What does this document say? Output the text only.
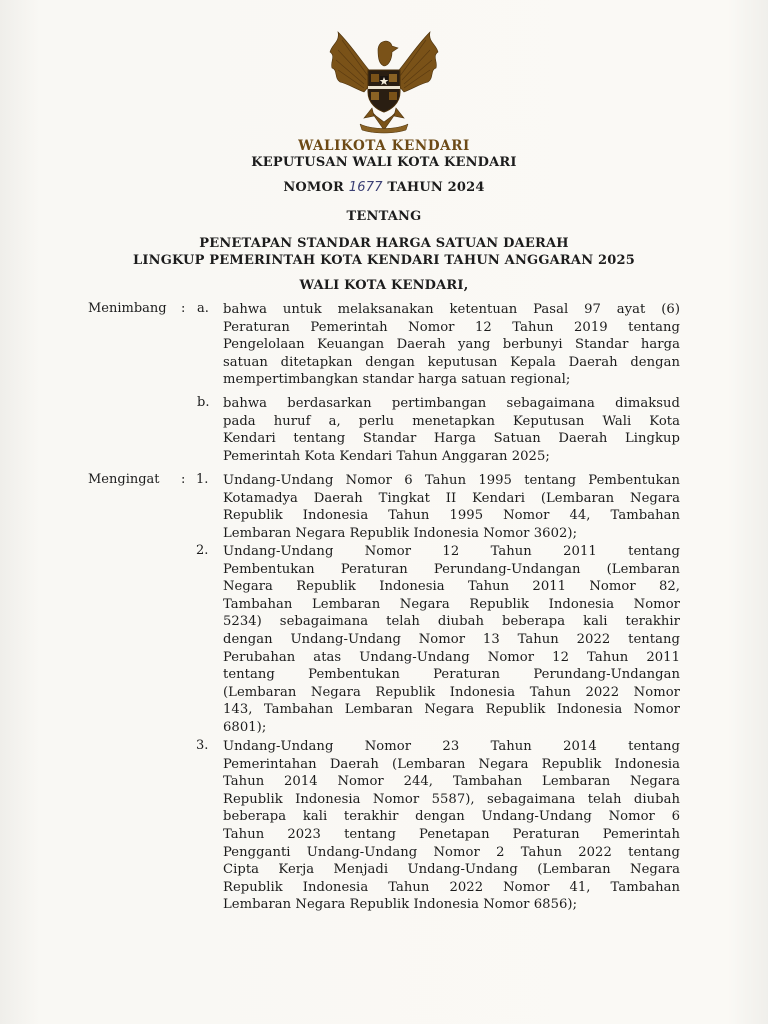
WALIKOTA KENDARI
KEPUTUSAN WALI KOTA KENDARI
NOMOR 1677 TAHUN 2024
TENTANG
PENETAPAN STANDAR HARGA SATUAN DAERAH
LINGKUP PEMERINTAH KOTA KENDARI TAHUN ANGGARAN 2025
WALI KOTA KENDARI,
Menimbang : a. bahwa untuk melaksanakan ketentuan Pasal 97 ayat (6)
Peraturan Pemerintah Nomor 12 Tahun 2019 tentang
Pengelolaan Keuangan Daerah yang berbunyi Standar harga
satuan ditetapkan dengan keputusan Kepala Daerah dengan
mempertimbangkan standar harga satuan regional;
b. bahwa berdasarkan pertimbangan sebagaimana dimaksud
pada huruf a, perlu menetapkan Keputusan Wali Kota
Kendari tentang Standar Harga Satuan Daerah Lingkup
Pemerintah Kota Kendari Tahun Anggaran 2025;
Mengingat : 1. Undang-Undang Nomor 6 Tahun 1995 tentang Pembentukan
Kotamadya Daerah Tingkat II Kendari (Lembaran Negara
Republik Indonesia Tahun 1995 Nomor 44, Tambahan
Lembaran Negara Republik Indonesia Nomor 3602);
2. Undang-Undang Nomor 12 Tahun 2011 tentang
Pembentukan Peraturan Perundang-Undangan (Lembaran
Negara Republik Indonesia Tahun 2011 Nomor 82,
Tambahan Lembaran Negara Republik Indonesia Nomor
5234) sebagaimana telah diubah beberapa kali terakhir
dengan Undang-Undang Nomor 13 Tahun 2022 tentang
Perubahan atas Undang-Undang Nomor 12 Tahun 2011
tentang Pembentukan Peraturan Perundang-Undangan
(Lembaran Negara Republik Indonesia Tahun 2022 Nomor
143, Tambahan Lembaran Negara Republik Indonesia Nomor
6801);
3. Undang-Undang Nomor 23 Tahun 2014 tentang
Pemerintahan Daerah (Lembaran Negara Republik Indonesia
Tahun 2014 Nomor 244, Tambahan Lembaran Negara
Republik Indonesia Nomor 5587), sebagaimana telah diubah
beberapa kali terakhir dengan Undang-Undang Nomor 6
Tahun 2023 tentang Penetapan Peraturan Pemerintah
Pengganti Undang-Undang Nomor 2 Tahun 2022 tentang
Cipta Kerja Menjadi Undang-Undang (Lembaran Negara
Republik Indonesia Tahun 2022 Nomor 41, Tambahan
Lembaran Negara Republik Indonesia Nomor 6856);
